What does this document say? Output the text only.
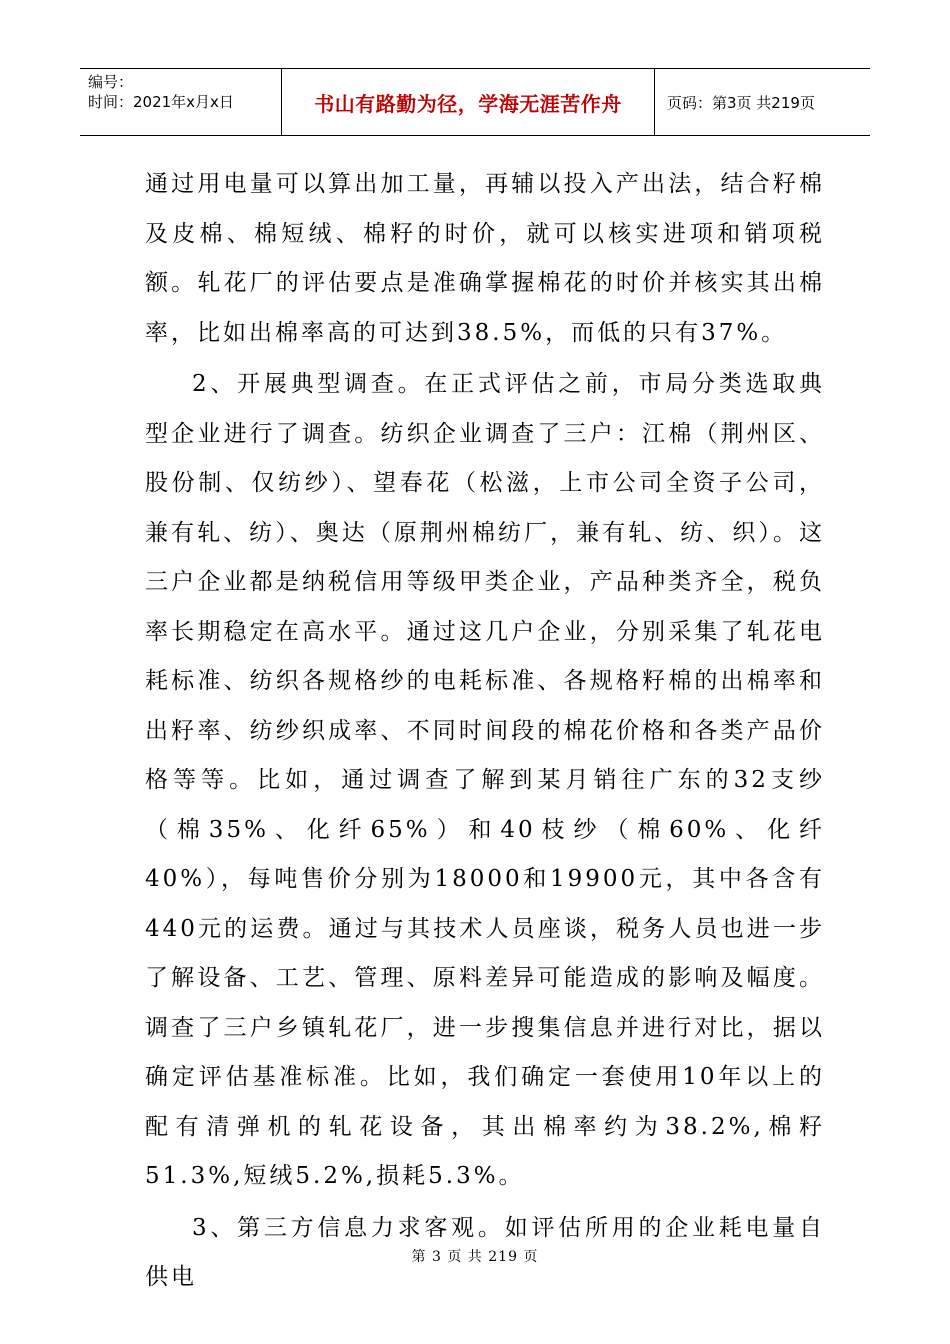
编号：
时间：2021年x月x日	书山有路勤为径，学海无涯苦作舟	页码：第3页 共219页

通过用电量可以算出加工量，再辅以投入产出法，结合籽棉及皮棉、棉短绒、棉籽的时价，就可以核实进项和销项税额。轧花厂的评估要点是准确掌握棉花的时价并核实其出棉率，比如出棉率高的可达到38.5%，而低的只有37%。

2、开展典型调查。在正式评估之前，市局分类选取典型企业进行了调查。纺织企业调查了三户：江棉（荆州区、股份制、仅纺纱）、望春花（松滋，上市公司全资子公司，兼有轧、纺）、奥达（原荆州棉纺厂，兼有轧、纺、织）。这三户企业都是纳税信用等级甲类企业，产品种类齐全，税负率长期稳定在高水平。通过这几户企业，分别采集了轧花电耗标准、纺织各规格纱的电耗标准、各规格籽棉的出棉率和出籽率、纺纱织成率、不同时间段的棉花价格和各类产品价格等等。比如，通过调查了解到某月销往广东的32支纱（棉35%、化纤65%）和40枝纱（棉60%、化纤40%），每吨售价分别为18000和19900元，其中各含有440元的运费。通过与其技术人员座谈，税务人员也进一步了解设备、工艺、管理、原料差异可能造成的影响及幅度。调查了三户乡镇轧花厂，进一步搜集信息并进行对比，据以确定评估基准标准。比如，我们确定一套使用10年以上的配有清弹机的轧花设备，其出棉率约为38.2%,棉籽51.3%,短绒5.2%,损耗5.3%。

3、第三方信息力求客观。如评估所用的企业耗电量自供电

第 3 页 共 219 页
